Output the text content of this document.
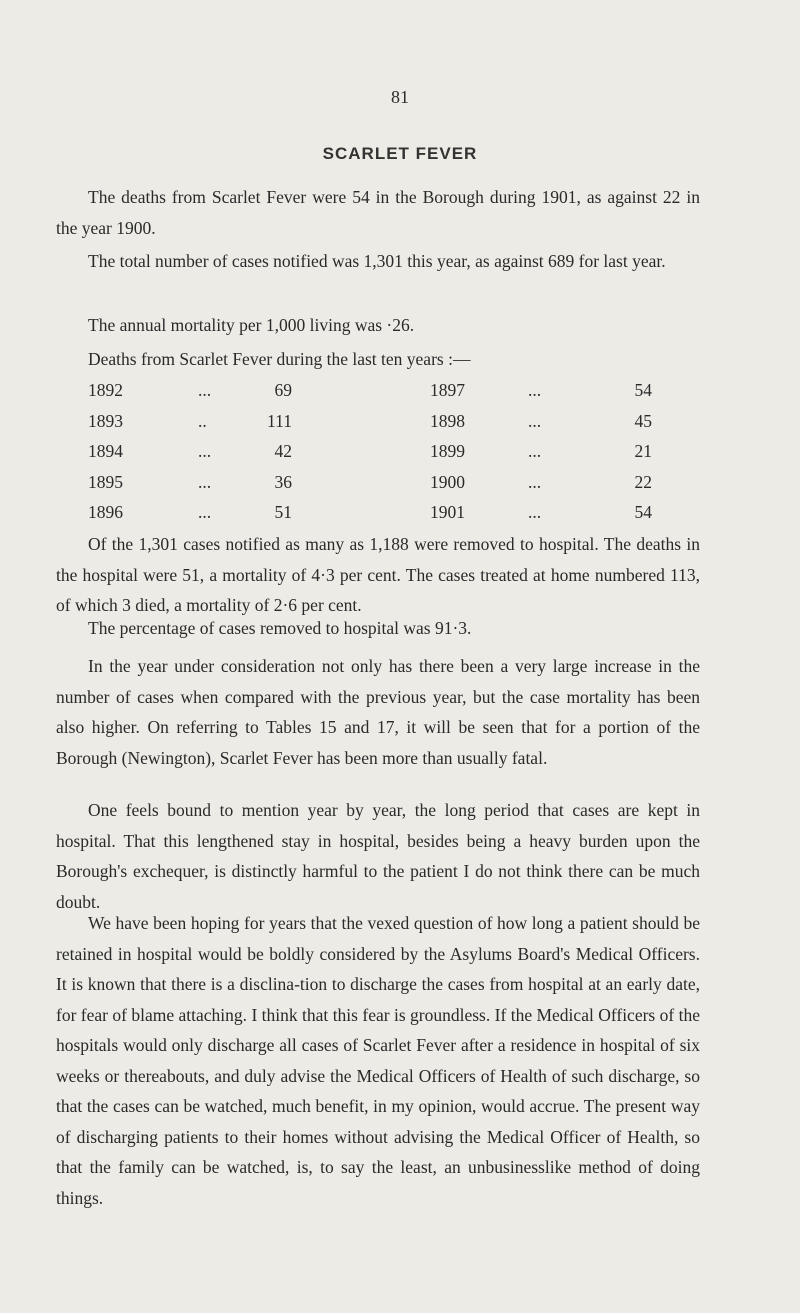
81
SCARLET FEVER

The deaths from Scarlet Fever were 54 in the Borough during 1901, as against 22 in the year 1900.

The total number of cases notified was 1,301 this year, as against 689 for last year.

The annual mortality per 1,000 living was ·26.

Deaths from Scarlet Fever during the last ten years :—

1892	...	69	1897	...	54
1893	..	111	1898	...	45
1894	...	42	1899	...	21
1895	...	36	1900	...	22
1896	...	51	1901	...	54

Of the 1,301 cases notified as many as 1,188 were removed to hospital. The deaths in the hospital were 51, a mortality of 4·3 per cent. The cases treated at home numbered 113, of which 3 died, a mortality of 2·6 per cent.

The percentage of cases removed to hospital was 91·3.

In the year under consideration not only has there been a very large increase in the number of cases when compared with the previous year, but the case mortality has been also higher. On referring to Tables 15 and 17, it will be seen that for a portion of the Borough (Newington), Scarlet Fever has been more than usually fatal.

One feels bound to mention year by year, the long period that cases are kept in hospital. That this lengthened stay in hospital, besides being a heavy burden upon the Borough's exchequer, is distinctly harmful to the patient I do not think there can be much doubt.

We have been hoping for years that the vexed question of how long a patient should be retained in hospital would be boldly considered by the Asylums Board's Medical Officers. It is known that there is a disclina-tion to discharge the cases from hospital at an early date, for fear of blame attaching. I think that this fear is groundless. If the Medical Officers of the hospitals would only discharge all cases of Scarlet Fever after a residence in hospital of six weeks or thereabouts, and duly advise the Medical Officers of Health of such discharge, so that the cases can be watched, much benefit, in my opinion, would accrue. The present way of discharging patients to their homes without advising the Medical Officer of Health, so that the family can be watched, is, to say the least, an unbusinesslike method of doing things.
